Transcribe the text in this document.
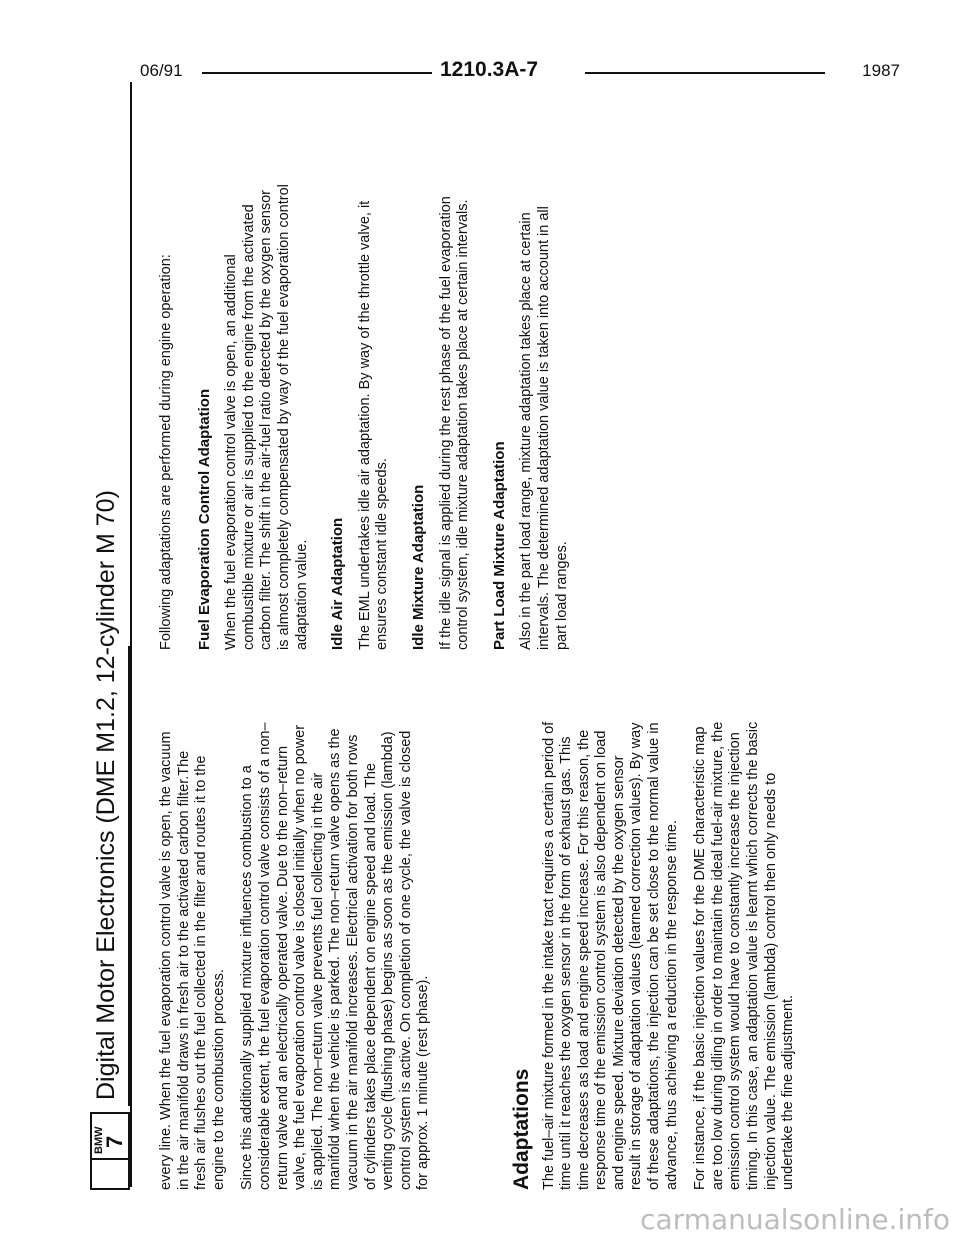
06/91	1210.3A-7	1987
BMW
7
Digital Motor Electronics (DME M1.2, 12-cylinder M 70)	every line. When the fuel evaporation control valve is open, the vacuum in the air manifold draws in fresh air to the activated carbon filter.The fresh air flushes out the fuel collected in the filter and routes it to the engine to the combustion process. Since this additionally supplied mixture influences combustion to a considerable extent, the fuel evaporation control valve consists of a non–return valve and an electrically operated valve. Due to the non–return valve, the fuel evaporation control valve is closed initially when no power is applied. The non–return valve prevents fuel collecting in the air manifold when the vehicle is parked. The non–return valve opens as the vacuum in the air manifold increases. Electrical activation for both rows of cylinders takes place dependent on engine speed and load. The venting cycle (flushing phase) begins as soon as the emission (lambda) control system is active. On completion of one cycle, the valve is closed for approx. 1 minute (rest phase).	Adaptations The fuel–air mixture formed in the intake tract requires a certain period of time until it reaches the oxygen sensor in the form of exhaust gas. This time decreases as load and engine speed increase. For this reason, the response time of the emission control system is also dependent on load and engine speed. Mixture deviation detected by the oxygen sensor result in storage of adaptation values (learned correction values). By way of these adaptations, the injection can be set close to the normal value in advance, thus achieving a reduction in the response time. For instance, if the basic injection values for the DME characteristic map are too low during idling in order to maintain the ideal fuel-air mixture, the emission control system would have to constantly increase the injection timing. In this case, an adaptation value is learnt which corrects the basic injection value. The emission (lambda) control then only needs to undertake the fine adjustment.

Following adaptations are performed during engine operation: Fuel Evaporation Control Adaptation When the fuel evaporation control valve is open, an additional combustible mixture or air is supplied to the engine from the activated carbon filter. The shift in the air-fuel ratio detected by the oxygen sensor is almost completely compensated by way of the fuel evaporation control adaptation value. Idle Air Adaptation The EML undertakes idle air adaptation. By way of the throttle valve, it ensures constant idle speeds. Idle Mixture Adaptation If the idle signal is applied during the rest phase of the fuel evaporation control system, idle mixture adaptation takes place at certain intervals. Part Load Mixture Adaptation Also in the part load range, mixture adaptation takes place at certain intervals. The determined adaptation value is taken into account in all part load ranges.

carmanualsonline.info
